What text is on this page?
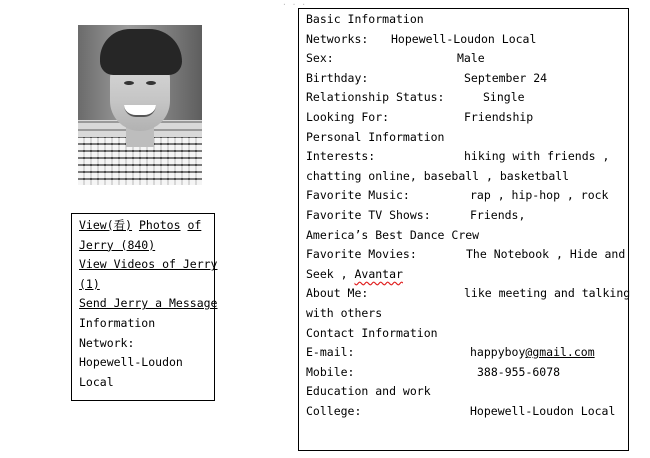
· · ·
View(看) Photos of
Jerry (840)
View Videos of Jerry
(1)
Send Jerry a Message
Information
Network:
Hopewell-Loudon
Local
Basic Information
Networks: Hopewell-Loudon Local
Sex:	Male
Birthday:	September 24
Relationship Status:	Single
Looking For:	Friendship
Personal Information
Interests:	hiking with friends ,
chatting online, baseball , basketball
Favorite Music:	rap , hip-hop , rock
Favorite TV Shows:	Friends,
America’s Best Dance Crew
Favorite Movies:	The Notebook , Hide and
Seek , Avantar
About Me:	like meeting and talking
with others
Contact Information
E-mail:	happyboy@gmail.com
Mobile:	388-955-6078
Education and work
College:	Hopewell-Loudon Local
